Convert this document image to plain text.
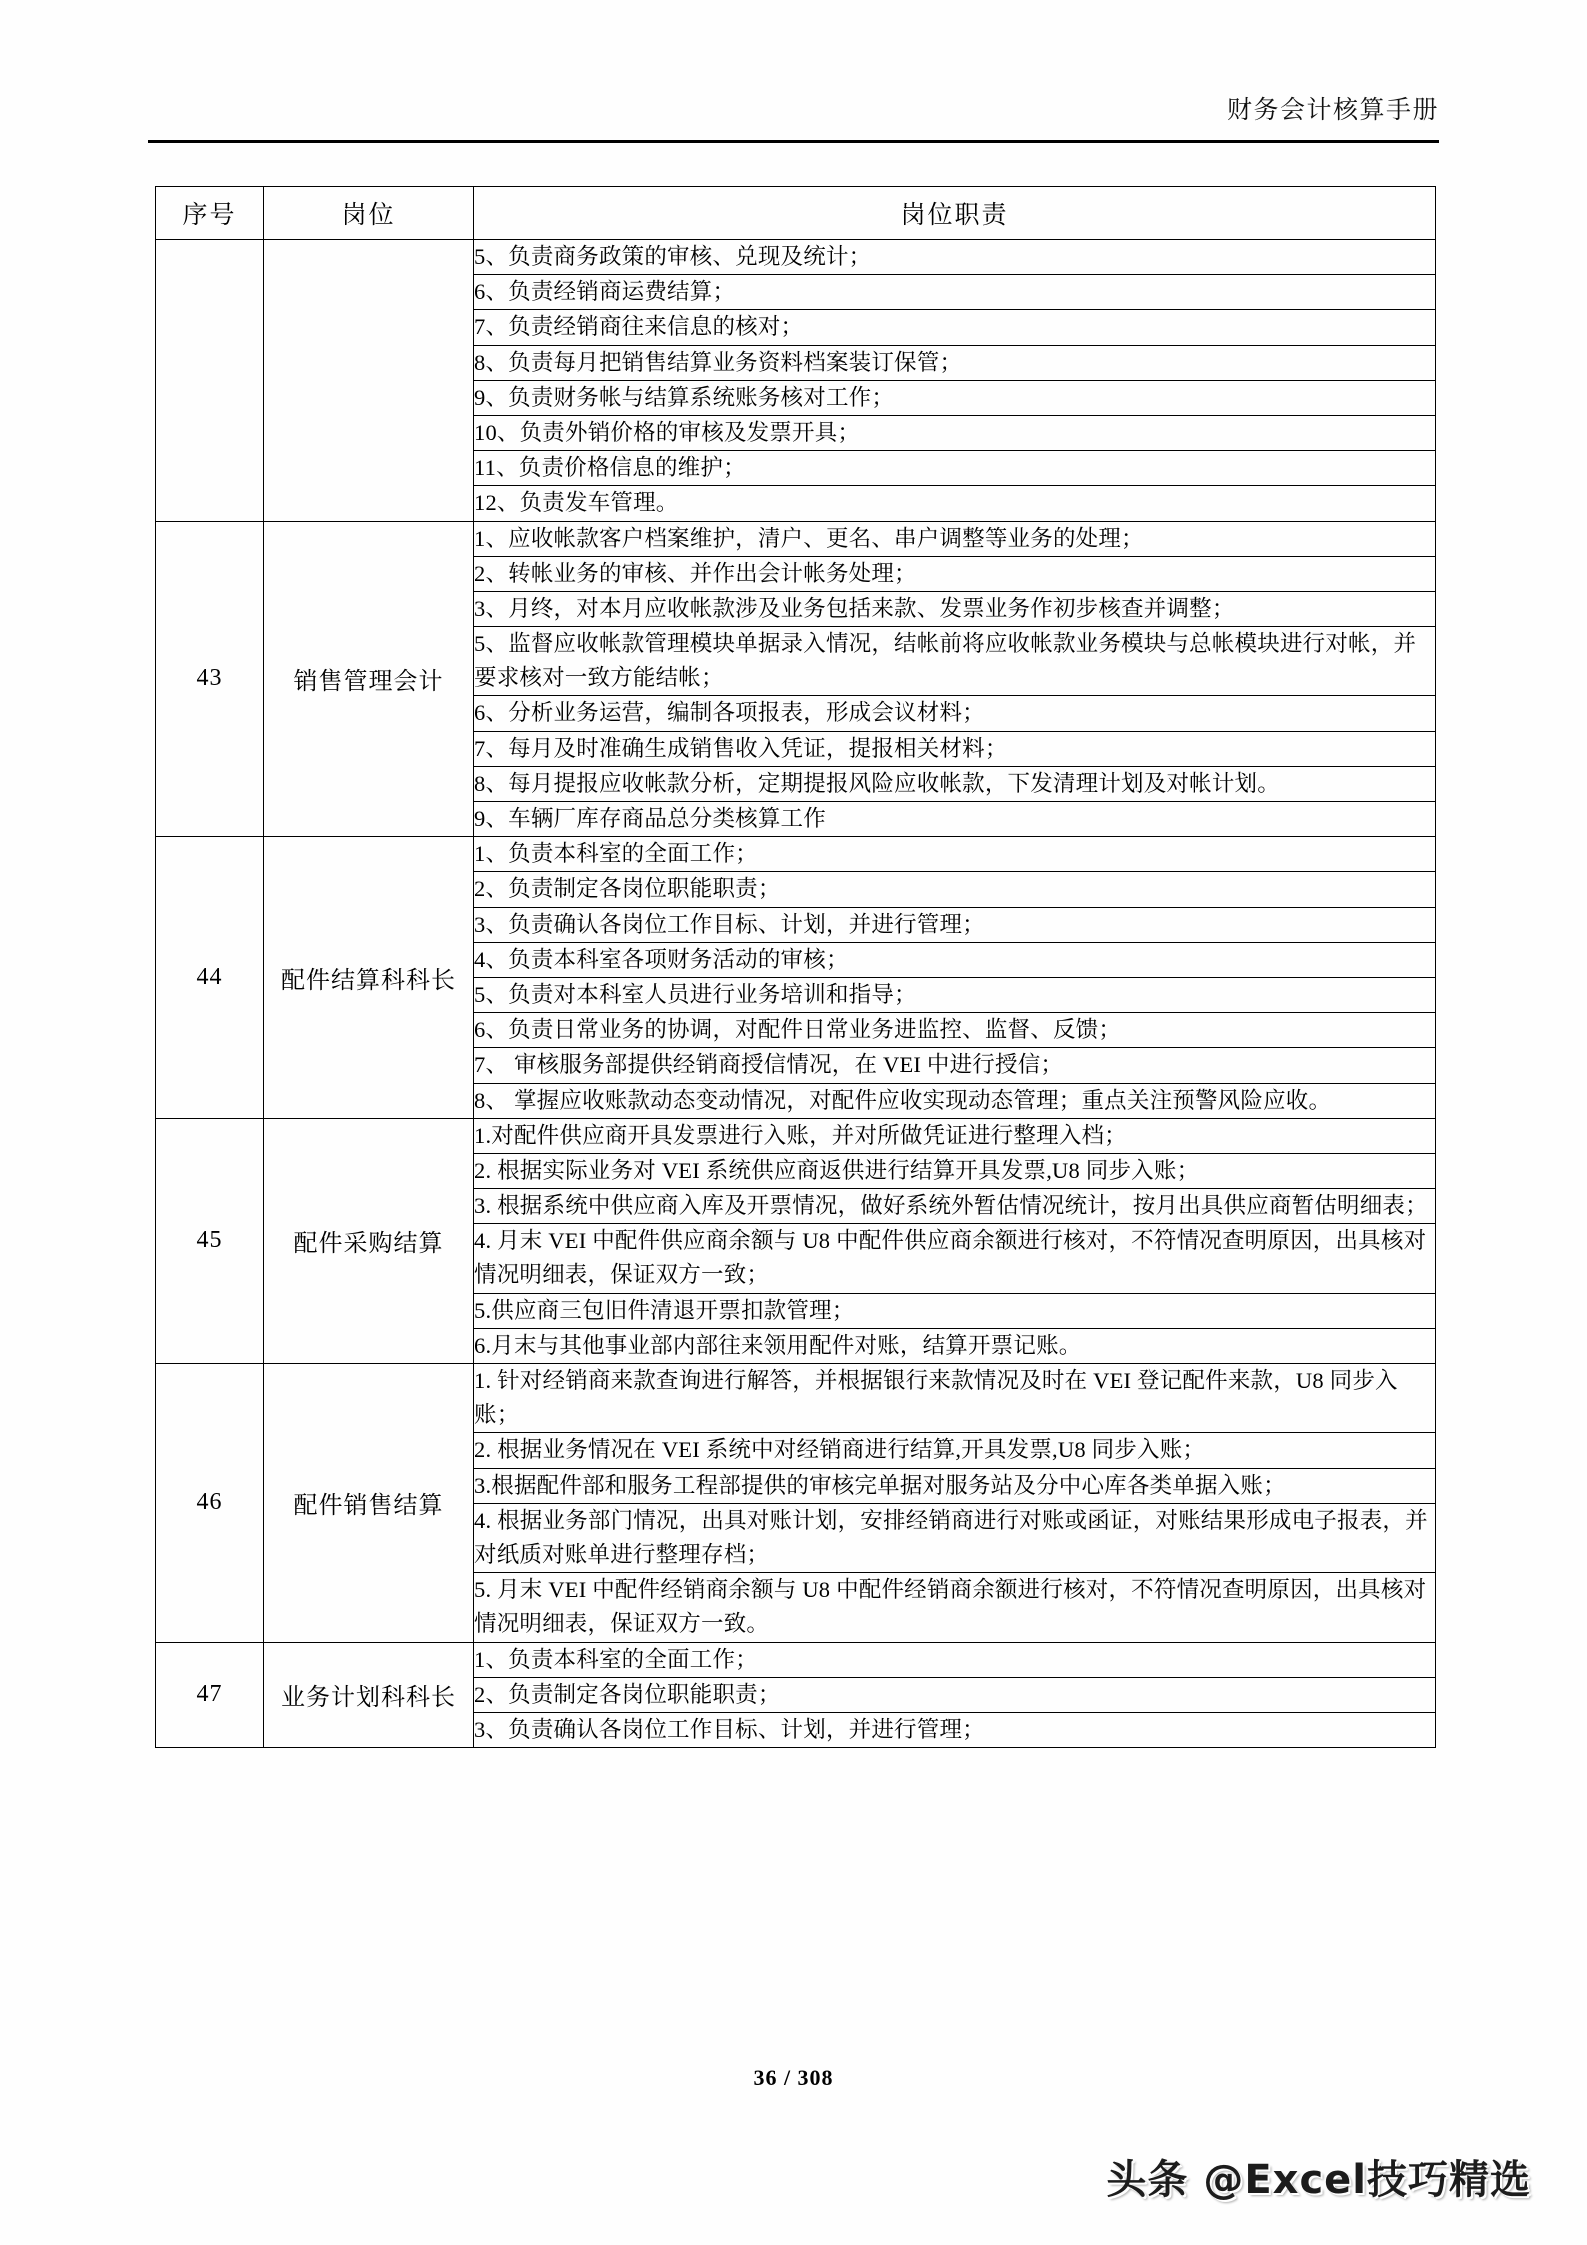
财务会计核算手册
序号	岗位	岗位职责
		5、负责商务政策的审核、兑现及统计；
		6、负责经销商运费结算；
		7、负责经销商往来信息的核对；
		8、负责每月把销售结算业务资料档案装订保管；
		9、负责财务帐与结算系统账务核对工作；
		10、负责外销价格的审核及发票开具；
		11、负责价格信息的维护；
		12、负责发车管理。
43	销售管理会计	1、应收帐款客户档案维护，清户、更名、串户调整等业务的处理；
		2、转帐业务的审核、并作出会计帐务处理；
		3、月终，对本月应收帐款涉及业务包括来款、发票业务作初步核查并调整；
		5、监督应收帐款管理模块单据录入情况，结帐前将应收帐款业务模块与总帐模块进行对帐，并要求核对一致方能结帐；
		6、分析业务运营，编制各项报表，形成会议材料；
		7、每月及时准确生成销售收入凭证，提报相关材料；
		8、每月提报应收帐款分析，定期提报风险应收帐款，下发清理计划及对帐计划。
		9、车辆厂库存商品总分类核算工作
44	配件结算科科长	1、负责本科室的全面工作；
		2、负责制定各岗位职能职责；
		3、负责确认各岗位工作目标、计划，并进行管理；
		4、负责本科室各项财务活动的审核；
		5、负责对本科室人员进行业务培训和指导；
		6、负责日常业务的协调，对配件日常业务进监控、监督、反馈；
		7、 审核服务部提供经销商授信情况，在 VEI 中进行授信；
		8、 掌握应收账款动态变动情况，对配件应收实现动态管理；重点关注预警风险应收。
45	配件采购结算	1.对配件供应商开具发票进行入账，并对所做凭证进行整理入档；
		2. 根据实际业务对 VEI 系统供应商返供进行结算开具发票,U8 同步入账；
		3. 根据系统中供应商入库及开票情况，做好系统外暂估情况统计，按月出具供应商暂估明细表；
		4. 月末 VEI 中配件供应商余额与 U8 中配件供应商余额进行核对，不符情况查明原因，出具核对情况明细表，保证双方一致；
		5.供应商三包旧件清退开票扣款管理；
		6.月末与其他事业部内部往来领用配件对账，结算开票记账。
46	配件销售结算	1. 针对经销商来款查询进行解答，并根据银行来款情况及时在 VEI 登记配件来款，U8 同步入账；
		2. 根据业务情况在 VEI 系统中对经销商进行结算,开具发票,U8 同步入账；
		3.根据配件部和服务工程部提供的审核完单据对服务站及分中心库各类单据入账；
		4. 根据业务部门情况，出具对账计划，安排经销商进行对账或函证，对账结果形成电子报表，并对纸质对账单进行整理存档；
		5. 月末 VEI 中配件经销商余额与 U8 中配件经销商余额进行核对，不符情况查明原因，出具核对情况明细表，保证双方一致。
47	业务计划科科长	1、负责本科室的全面工作；
		2、负责制定各岗位职能职责；
		3、负责确认各岗位工作目标、计划，并进行管理；
36 / 308
头条 @Excel技巧精选
